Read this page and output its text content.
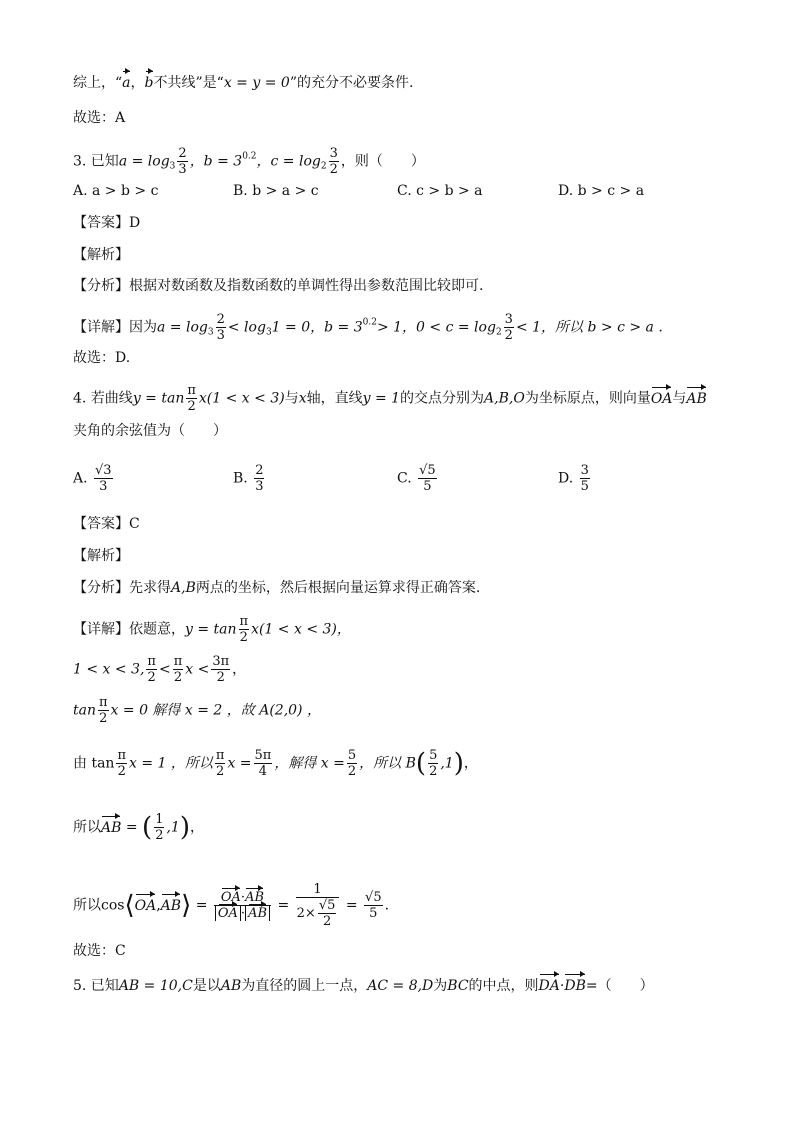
综上，“a，b不共线”是“x = y = 0”的充分不必要条件.
故选：A
3. 已知$a = \log_3 \frac{2}{3}$ ，$b = 3^{0.2}$，$c = \log_2 \frac{3}{2}$ ，则（　　）
A. a > b > c	B. b > a > c	C. c > b > a	D. b > c > a
【答案】D
【解析】
【分析】根据对数函数及指数函数的单调性得出参数范围比较即可.
【详解】因为$a = \log_3 \frac{2}{3} < \log_31 = 0$，$b = 3^{0.2}> 1$，$0 < c = \log_2 \frac{3}{2} < 1$，所以 b > c > a .
故选：D.
4. 若曲线$y = \tan \frac{\pi}{2} x(1 < x < 3)$与x轴，直线y = 1的交点分别为A,B,O为坐标原点，则向量OA与AB
夹角的余弦值为（　　）
A. $\frac{√3}{3}$	B. $\frac{2}{3}$	C. $\frac{√5}{5}$	D. $\frac{3}{5}$
【答案】C
【解析】
【分析】先求得A,B两点的坐标，然后根据向量运算求得正确答案.
【详解】依题意，$y = \tan \frac{\pi}{2} x(1 < x < 3)$，
1 < x < 3, $\frac{\pi}{2} < \frac{\pi}{2}$ $x < \frac{3\pi}{2}$ ，
$\tan \frac{\pi}{2}$ x = 0 解得 x = 2 ，故 A(2,0) ，
由 $\tan \frac{\pi}{2}$ x = 1 ，所以 $\frac{\pi}{2}$ $x = \frac{5\pi}{4}$ ，解得 $x = \frac{5}{2}$ ，所以 $B( \frac{5}{2} ,1)$，
所以AB = ( $\frac{1}{2} ,1$)，
所以cos⟨OA,AB⟩ = $\frac{OA\cdot AB}{OA \cdot AB} = \frac{1}{2\times \frac{√5}{2}} = \frac{√5}{5}$ .
故选：C
5. 已知AB = 10,C是以AB为直径的圆上一点，AC = 8,D为BC的中点，则DA·DB=（　　）
